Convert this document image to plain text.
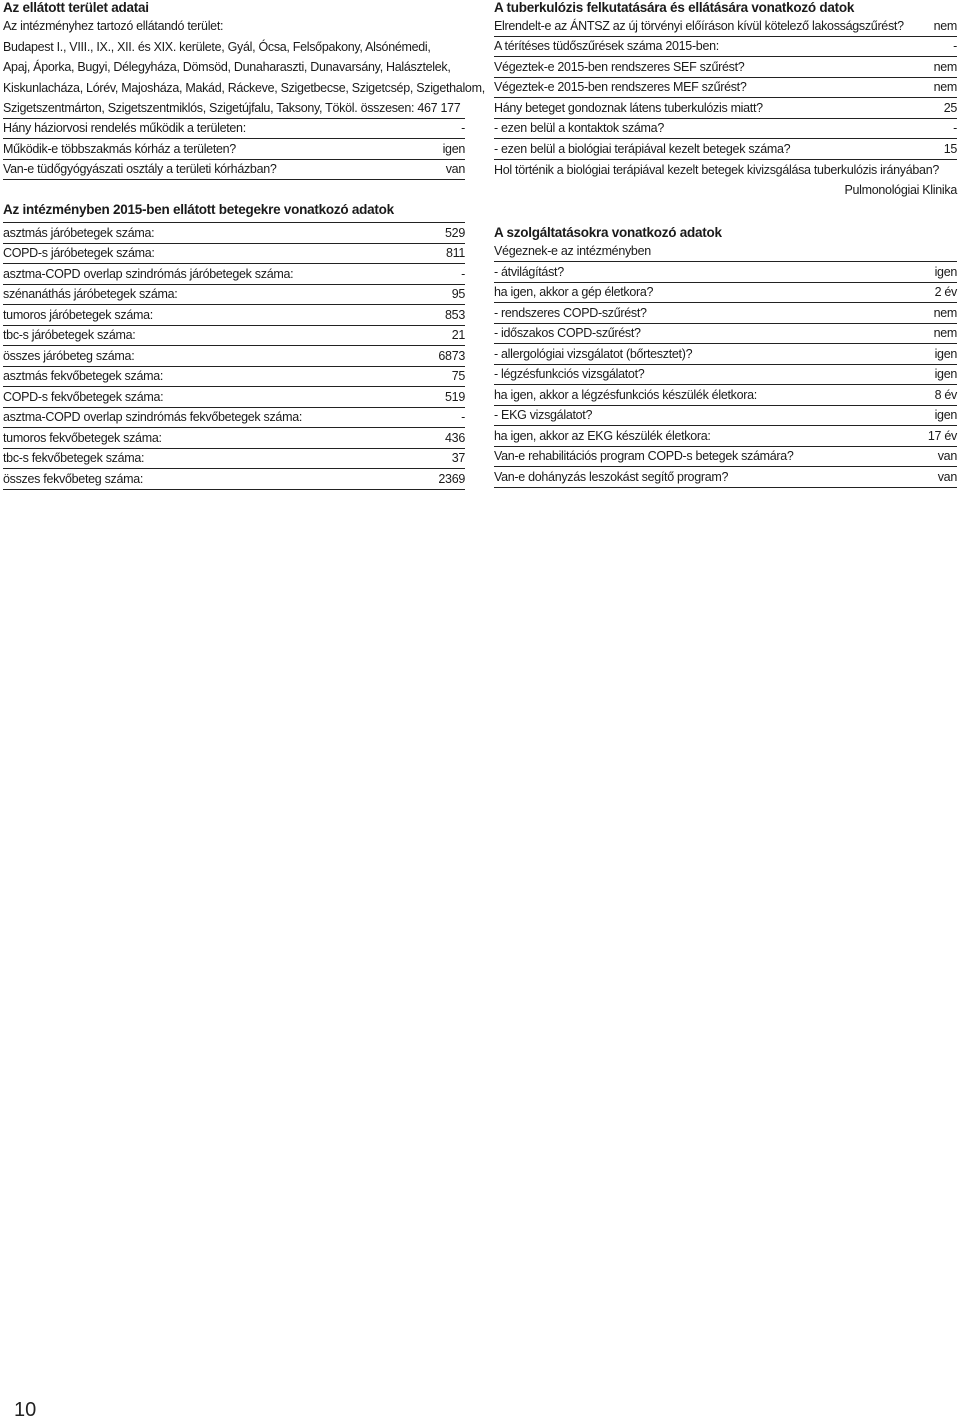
Az ellátott terület adatai
Az intézményhez tartozó ellátandó terület:
Budapest I., VIII., IX., XII. és XIX. kerülete, Gyál, Ócsa, Felsőpakony, Alsónémedi,
Apaj, Áporka, Bugyi, Délegyháza, Dömsöd, Dunaharaszti, Dunavarsány, Halásztelek,
Kiskunlacháza, Lórév, Majosháza, Makád, Ráckeve, Szigetbecse, Szigetcsép, Szigethalom,
Szigetszentmárton, Szigetszentmiklós, Szigetújfalu, Taksony, Tököl. összesen: 467 177
Hány háziorvosi rendelés működik a területen:	-
Működik-e többszakmás kórház a területen?	igen
Van-e tüdőgyógyászati osztály a területi kórházban?	van
Az intézményben 2015-ben ellátott betegekre vonatkozó adatok
asztmás járóbetegek száma:	529
COPD-s járóbetegek száma:	811
asztma-COPD overlap szindrómás járóbetegek száma:	-
szénanáthás járóbetegek száma:	95
tumoros járóbetegek száma:	853
tbc-s járóbetegek száma:	21
összes járóbeteg száma:	6873
asztmás fekvőbetegek száma:	75
COPD-s fekvőbetegek száma:	519
asztma-COPD overlap szindrómás fekvőbetegek száma:	-
tumoros fekvőbetegek száma:	436
tbc-s fekvőbetegek száma:	37
összes fekvőbeteg száma:	2369
A tuberkulózis felkutatására és ellátására vonatkozó datok
Elrendelt-e az ÁNTSZ az új törvényi előíráson kívül kötelező lakosságszűrést?	nem
A térítéses tüdőszűrések száma 2015-ben:	-
Végeztek-e 2015-ben rendszeres SEF szűrést?	nem
Végeztek-e 2015-ben rendszeres MEF szűrést?	nem
Hány beteget gondoznak látens tuberkulózis miatt?	25
- ezen belül a kontaktok száma?	-
- ezen belül a biológiai terápiával kezelt betegek száma?	15
Hol történik a biológiai terápiával kezelt betegek kivizsgálása tuberkulózis irányában?
Pulmonológiai Klinika
A szolgáltatásokra vonatkozó adatok
Végeznek-e az intézményben
- átvilágítást?	igen
ha igen, akkor a gép életkora?	2 év
- rendszeres COPD-szűrést?	nem
- időszakos COPD-szűrést?	nem
- allergológiai vizsgálatot (bőrtesztet)?	igen
- légzésfunkciós vizsgálatot?	igen
ha igen, akkor a légzésfunkciós készülék életkora:	8 év
- EKG vizsgálatot?	igen
ha igen, akkor az EKG készülék életkora:	17 év
Van-e rehabilitációs program COPD-s betegek számára?	van
Van-e dohányzás leszokást segítő program?	van
10
